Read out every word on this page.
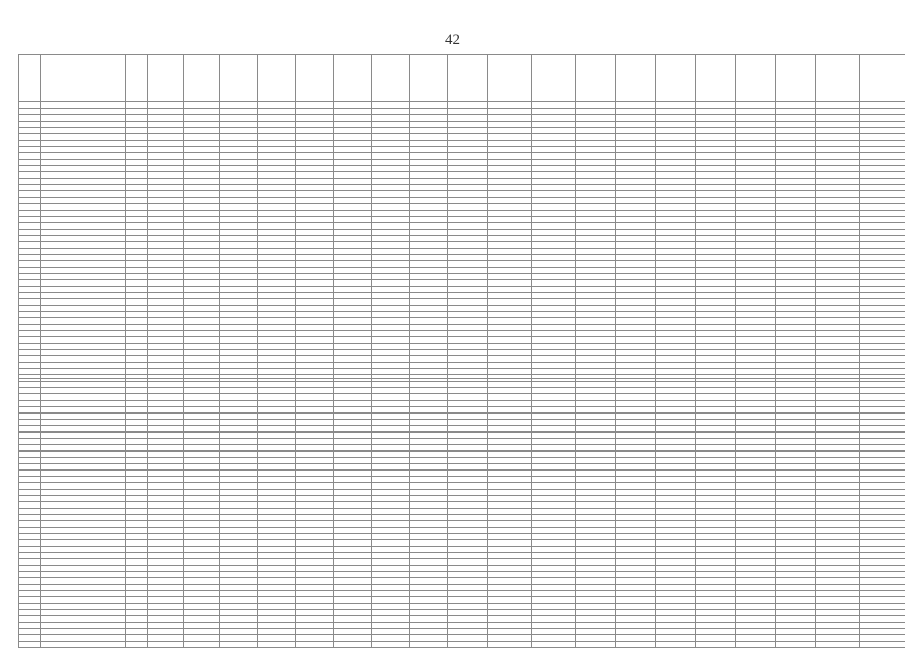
42
